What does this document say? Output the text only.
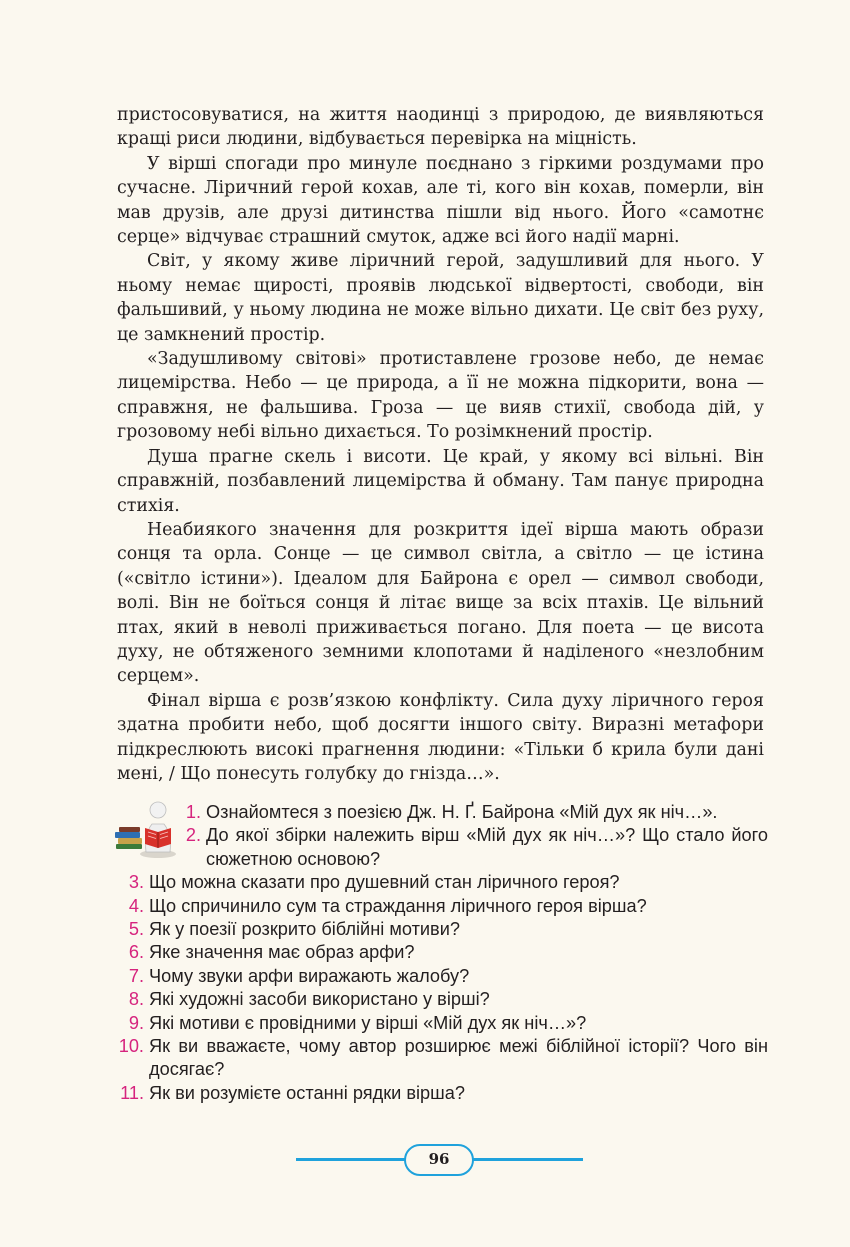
пристосовуватися, на життя наодинці з природою, де виявляються кращі риси людини, відбувається перевірка на міцність.

У вірші спогади про минуле поєднано з гіркими роздумами про сучасне. Ліричний герой кохав, але ті, кого він кохав, померли, він мав друзів, але друзі дитинства пішли від нього. Його «самотнє серце» відчуває страшний смуток, адже всі його надії марні.

Світ, у якому живе ліричний герой, задушливий для нього. У ньому немає щирості, проявів людської відвертості, свободи, він фальшивий, у ньому людина не може вільно дихати. Це світ без руху, це замкнений простір.

«Задушливому світові» протиставлене грозове небо, де немає лицемірства. Небо — це природа, а її не можна підкорити, вона — справжня, не фальшива. Гроза — це вияв стихії, свобода дій, у грозовому небі вільно дихається. То розімкнений простір.

Душа прагне скель і висоти. Це край, у якому всі вільні. Він справжній, позбавлений лицемірства й обману. Там панує природна стихія.

Неабиякого значення для розкриття ідеї вірша мають образи сонця та орла. Сонце — це символ світла, а світло — це істина («світло істини»). Ідеалом для Байрона є орел — символ свободи, волі. Він не боїться сонця й літає вище за всіх птахів. Це вільний птах, який в неволі приживається погано. Для поета — це висота духу, не обтяженого земними клопотами й наділеного «незлобним серцем».

Фінал вірша є розв’язкою конфлікту. Сила духу ліричного героя здатна пробити небо, щоб досягти іншого світу. Виразні метафори підкреслюють високі прагнення людини: «Тільки б крила були дані мені, / Що понесуть голубку до гнізда…».

1. Ознайомтеся з поезією Дж. Н. Ґ. Байрона «Мій дух як ніч…».
2. До якої збірки належить вірш «Мій дух як ніч…»? Що стало його сюжетною основою?
3. Що можна сказати про душевний стан ліричного героя?
4. Що спричинило сум та страждання ліричного героя вірша?
5. Як у поезії розкрито біблійні мотиви?
6. Яке значення має образ арфи?
7. Чому звуки арфи виражають жалобу?
8. Які художні засоби використано у вірші?
9. Які мотиви є провідними у вірші «Мій дух як ніч…»?
10. Як ви вважаєте, чому автор розширює межі біблійної історії? Чого він досягає?
11. Як ви розумієте останні рядки вірша?
96
